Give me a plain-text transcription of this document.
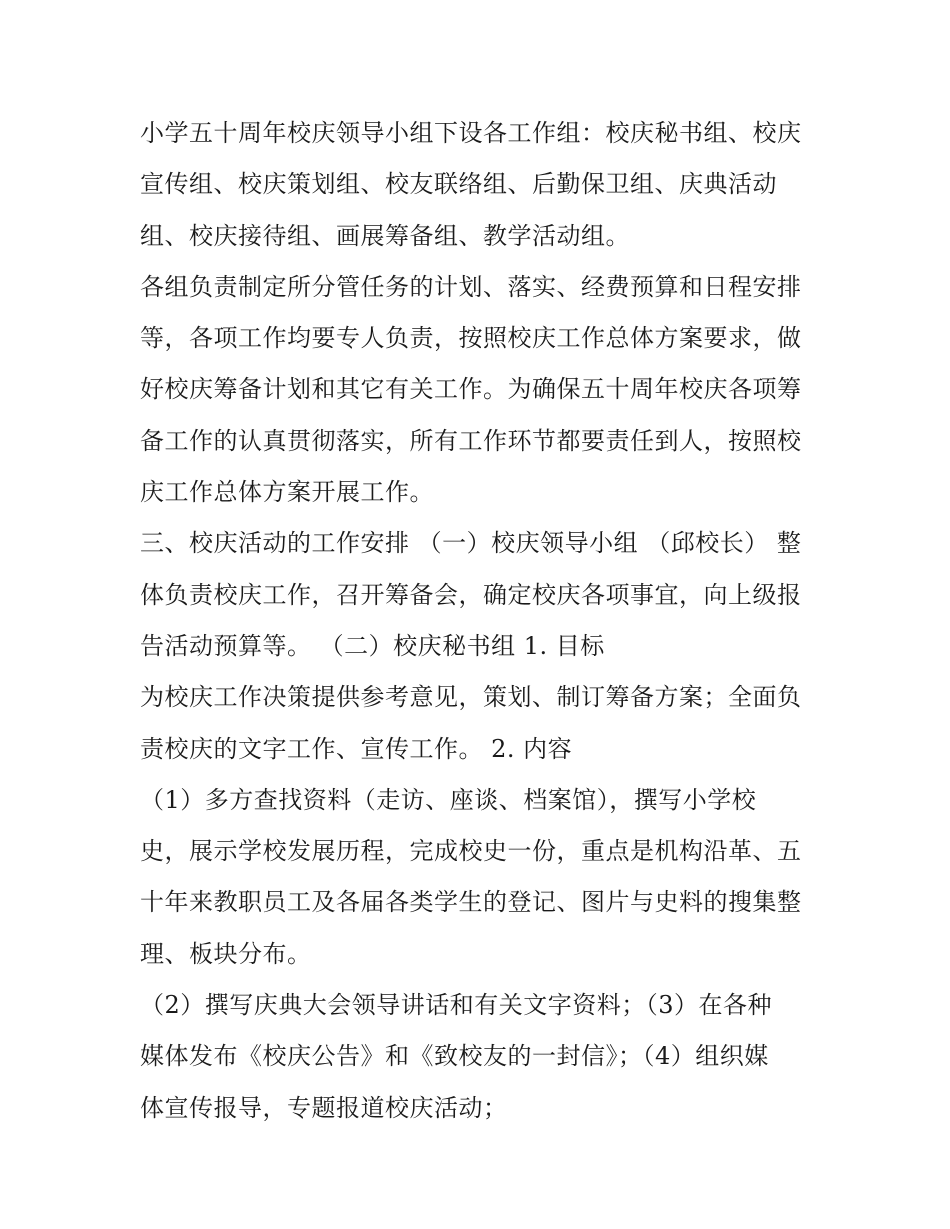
小学五十周年校庆领导小组下设各工作组：校庆秘书组、校庆
宣传组、校庆策划组、校友联络组、后勤保卫组、庆典活动
组、校庆接待组、画展筹备组、教学活动组。
各组负责制定所分管任务的计划、落实、经费预算和日程安排
等，各项工作均要专人负责，按照校庆工作总体方案要求，做
好校庆筹备计划和其它有关工作。为确保五十周年校庆各项筹
备工作的认真贯彻落实，所有工作环节都要责任到人，按照校
庆工作总体方案开展工作。
三、校庆活动的工作安排 （一）校庆领导小组 （邱校长） 整
体负责校庆工作，召开筹备会，确定校庆各项事宜，向上级报
告活动预算等。 （二）校庆秘书组 1. 目标
为校庆工作决策提供参考意见，策划、制订筹备方案；全面负
责校庆的文字工作、宣传工作。 2. 内容
（1）多方查找资料（走访、座谈、档案馆），撰写小学校
史，展示学校发展历程，完成校史一份，重点是机构沿革、五
十年来教职员工及各届各类学生的登记、图片与史料的搜集整
理、板块分布。
（2）撰写庆典大会领导讲话和有关文字资料；（3）在各种
媒体发布《校庆公告》和《致校友的一封信》；（4）组织媒
体宣传报导，专题报道校庆活动；
